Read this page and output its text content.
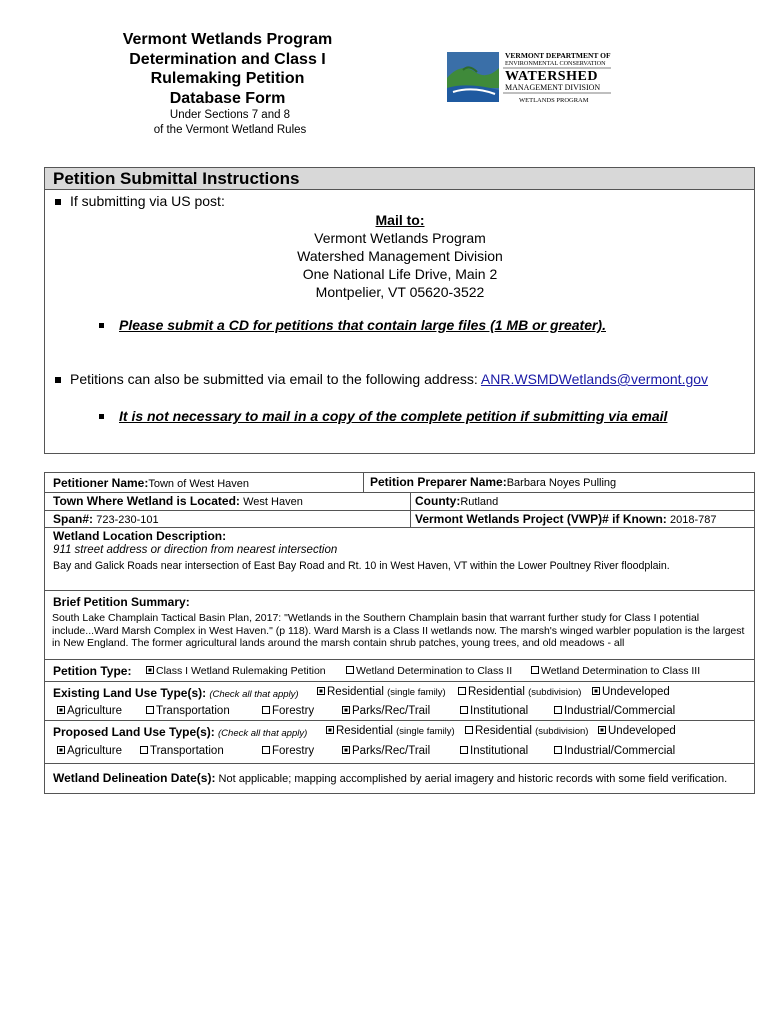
Vermont Wetlands Program
Determination and Class I
Rulemaking Petition
Database Form
Under Sections 7 and 8
of the Vermont Wetland Rules
VERMONT DEPARTMENT OF
ENVIRONMENTAL CONSERVATION
WATERSHED
MANAGEMENT DIVISION
WETLANDS PROGRAM
Petition Submittal Instructions
If submitting via US post:
Mail to:
Vermont Wetlands Program
Watershed Management Division
One National Life Drive, Main 2
Montpelier, VT 05620-3522
Please submit a CD for petitions that contain large files (1 MB or greater).
Petitions can also be submitted via email to the following address: ANR.WSMDWetlands@vermont.gov
It is not necessary to mail in a copy of the complete petition if submitting via email
Petitioner Name:Town of West Haven	Petition Preparer Name:Barbara Noyes Pulling
Town Where Wetland is Located: West Haven	County:Rutland
Span#: 723-230-101	Vermont Wetlands Project (VWP)# if Known: 2018-787
Wetland Location Description:
911 street address or direction from nearest intersection
Bay and Galick Roads near intersection of East Bay Road and Rt. 10 in West Haven, VT within the Lower Poultney River floodplain.
Brief Petition Summary:
South Lake Champlain Tactical Basin Plan, 2017: "Wetlands in the Southern Champlain basin that warrant further study for Class I potential include...Ward Marsh Complex in West Haven." (p 118). Ward Marsh is a Class II wetlands now. The marsh's winged warbler population is the largest in New England. The former agricultural lands around the marsh contain shrub patches, young trees, and old meadows - all
Petition Type:	Class I Wetland Rulemaking Petition	Wetland Determination to Class II	Wetland Determination to Class III
Existing Land Use Type(s): (Check all that apply)	Residential (single family)	Residential (subdivision)	Undeveloped
Agriculture	Transportation	Forestry	Parks/Rec/Trail	Institutional	Industrial/Commercial
Proposed Land Use Type(s): (Check all that apply)	Residential (single family)	Residential (subdivision)	Undeveloped
Agriculture	Transportation	Forestry	Parks/Rec/Trail	Institutional	Industrial/Commercial
Wetland Delineation Date(s): Not applicable; mapping accomplished by aerial imagery and historic records with some field verification.
